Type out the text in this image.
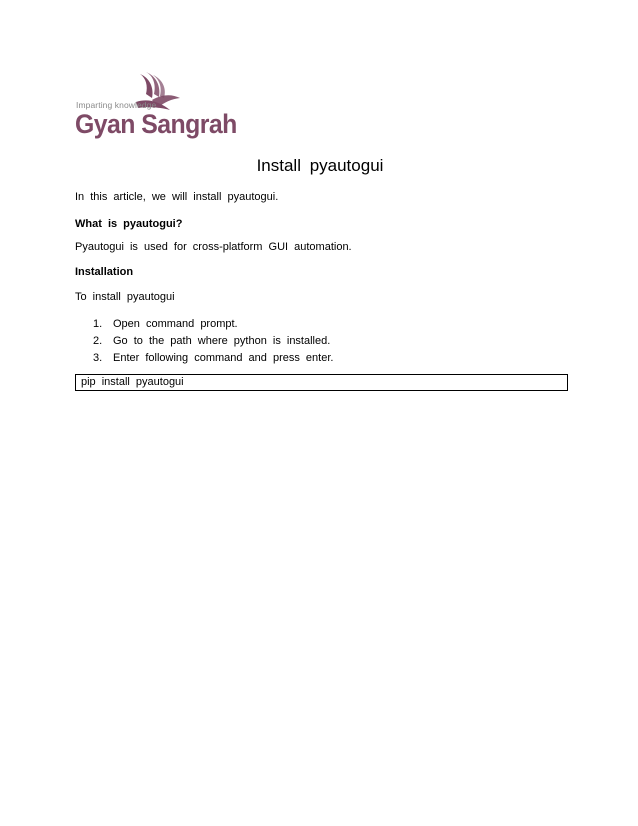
Imparting knowledge
Gyan Sangrah
Install pyautogui
In this article, we will install pyautogui.
What is pyautogui?
Pyautogui is used for cross-platform GUI automation.
Installation
To install pyautogui
1. Open command prompt.
2. Go to the path where python is installed.
3. Enter following command and press enter.
pip install pyautogui
